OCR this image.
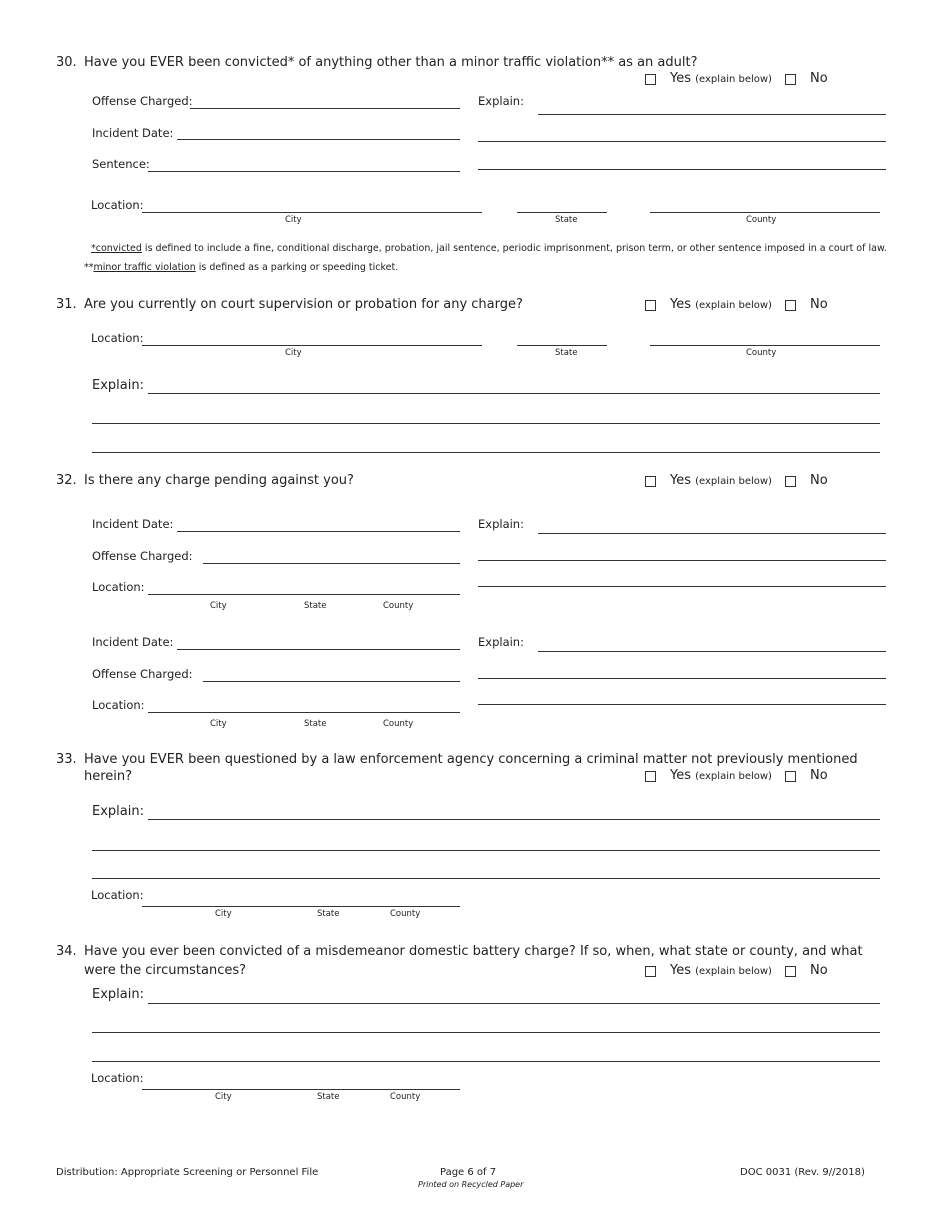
30. Have you EVER been convicted* of anything other than a minor traffic violation** as an adult?
Yes (explain below)	No
Offense Charged:	Explain:
Incident Date:
Sentence:
Location:
City	State	County
*convicted is defined to include a fine, conditional discharge, probation, jail sentence, periodic imprisonment, prison term, or other sentence imposed in a court of law.
**minor traffic violation is defined as a parking or speeding ticket.
31. Are you currently on court supervision or probation for any charge?	Yes (explain below)	No
Location:
City	State	County
Explain:
32. Is there any charge pending against you?	Yes (explain below)	No
Incident Date:	Explain:
Offense Charged:
Location:
City	State	County
Incident Date:	Explain:
Offense Charged:
Location:
City	State	County
33. Have you EVER been questioned by a law enforcement agency concerning a criminal matter not previously mentioned
herein?	Yes (explain below)	No
Explain:
Location:
City	State	County
34. Have you ever been convicted of a misdemeanor domestic battery charge? If so, when, what state or county, and what
were the circumstances?	Yes (explain below)	No
Explain:
Location:
City	State	County
Distribution: Appropriate Screening or Personnel File	Page 6 of 7
Printed on Recycled Paper
DOC 0031 (Rev. 9//2018)
